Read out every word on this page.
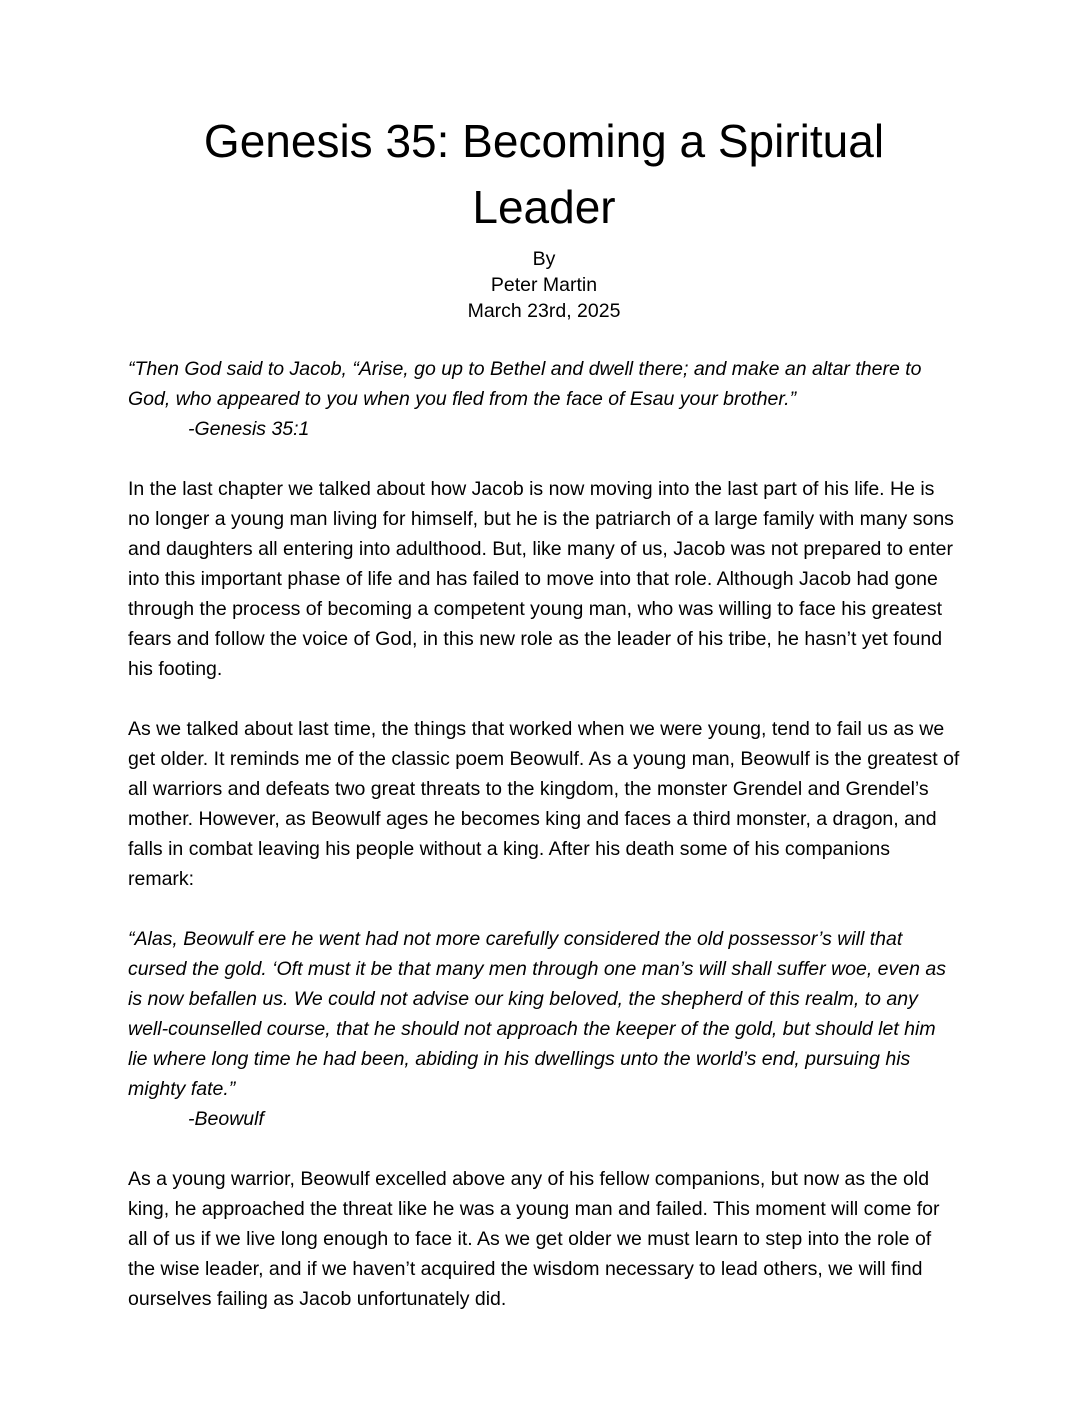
Genesis 35: Becoming a Spiritual Leader
By
Peter Martin
March 23rd, 2025

“Then God said to Jacob, “Arise, go up to Bethel and dwell there; and make an altar there to God, who appeared to you when you fled from the face of Esau your brother.”

-Genesis 35:1

In the last chapter we talked about how Jacob is now moving into the last part of his life. He is no longer a young man living for himself, but he is the patriarch of a large family with many sons and daughters all entering into adulthood. But, like many of us, Jacob was not prepared to enter into this important phase of life and has failed to move into that role. Although Jacob had gone through the process of becoming a competent young man, who was willing to face his greatest fears and follow the voice of God, in this new role as the leader of his tribe, he hasn’t yet found his footing.

As we talked about last time, the things that worked when we were young, tend to fail us as we get older. It reminds me of the classic poem Beowulf. As a young man, Beowulf is the greatest of all warriors and defeats two great threats to the kingdom, the monster Grendel and Grendel’s mother. However, as Beowulf ages he becomes king and faces a third monster, a dragon, and falls in combat leaving his people without a king. After his death some of his companions remark:

“Alas, Beowulf ere he went had not more carefully considered the old possessor’s will that cursed the gold. ‘Oft must it be that many men through one man’s will shall suffer woe, even as is now befallen us. We could not advise our king beloved, the shepherd of this realm, to any well-counselled course, that he should not approach the keeper of the gold, but should let him lie where long time he had been, abiding in his dwellings unto the world’s end, pursuing his mighty fate.”

-Beowulf

As a young warrior, Beowulf excelled above any of his fellow companions, but now as the old king, he approached the threat like he was a young man and failed. This moment will come for all of us if we live long enough to face it. As we get older we must learn to step into the role of the wise leader, and if we haven’t acquired the wisdom necessary to lead others, we will find ourselves failing as Jacob unfortunately did.
